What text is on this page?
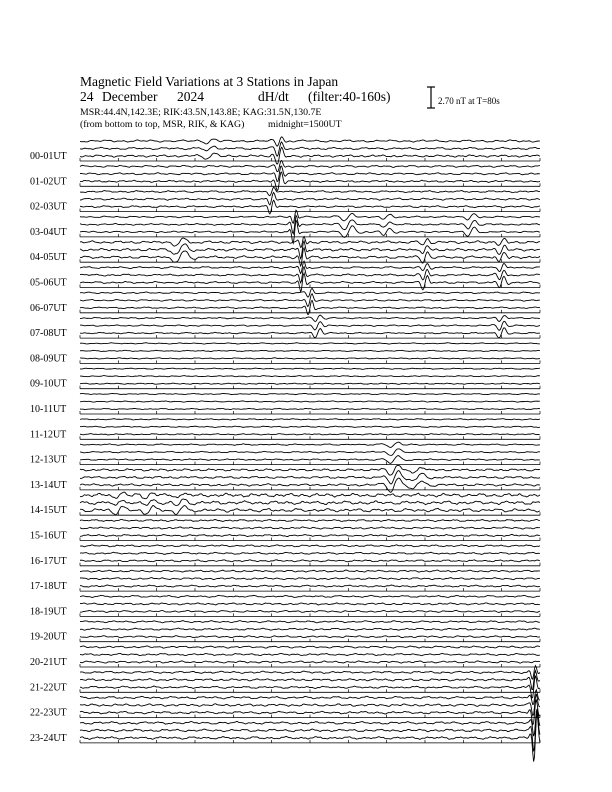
Magnetic Field Variations at 3 Stations in Japan
24 December 2024	dH/dt (filter:40-160s)
MSR:44.4N,142.3E; RIK:43.5N,143.8E; KAG:31.5N,130.7E
(from bottom to top, MSR, RIK, & KAG) midnight=1500UT
2.70 nT at T=80s
00-01UT
01-02UT
02-03UT
03-04UT
04-05UT
05-06UT
06-07UT
07-08UT
08-09UT
09-10UT
10-11UT
11-12UT
12-13UT
13-14UT
14-15UT
15-16UT
16-17UT
17-18UT
18-19UT
19-20UT
20-21UT
21-22UT
22-23UT
23-24UT
